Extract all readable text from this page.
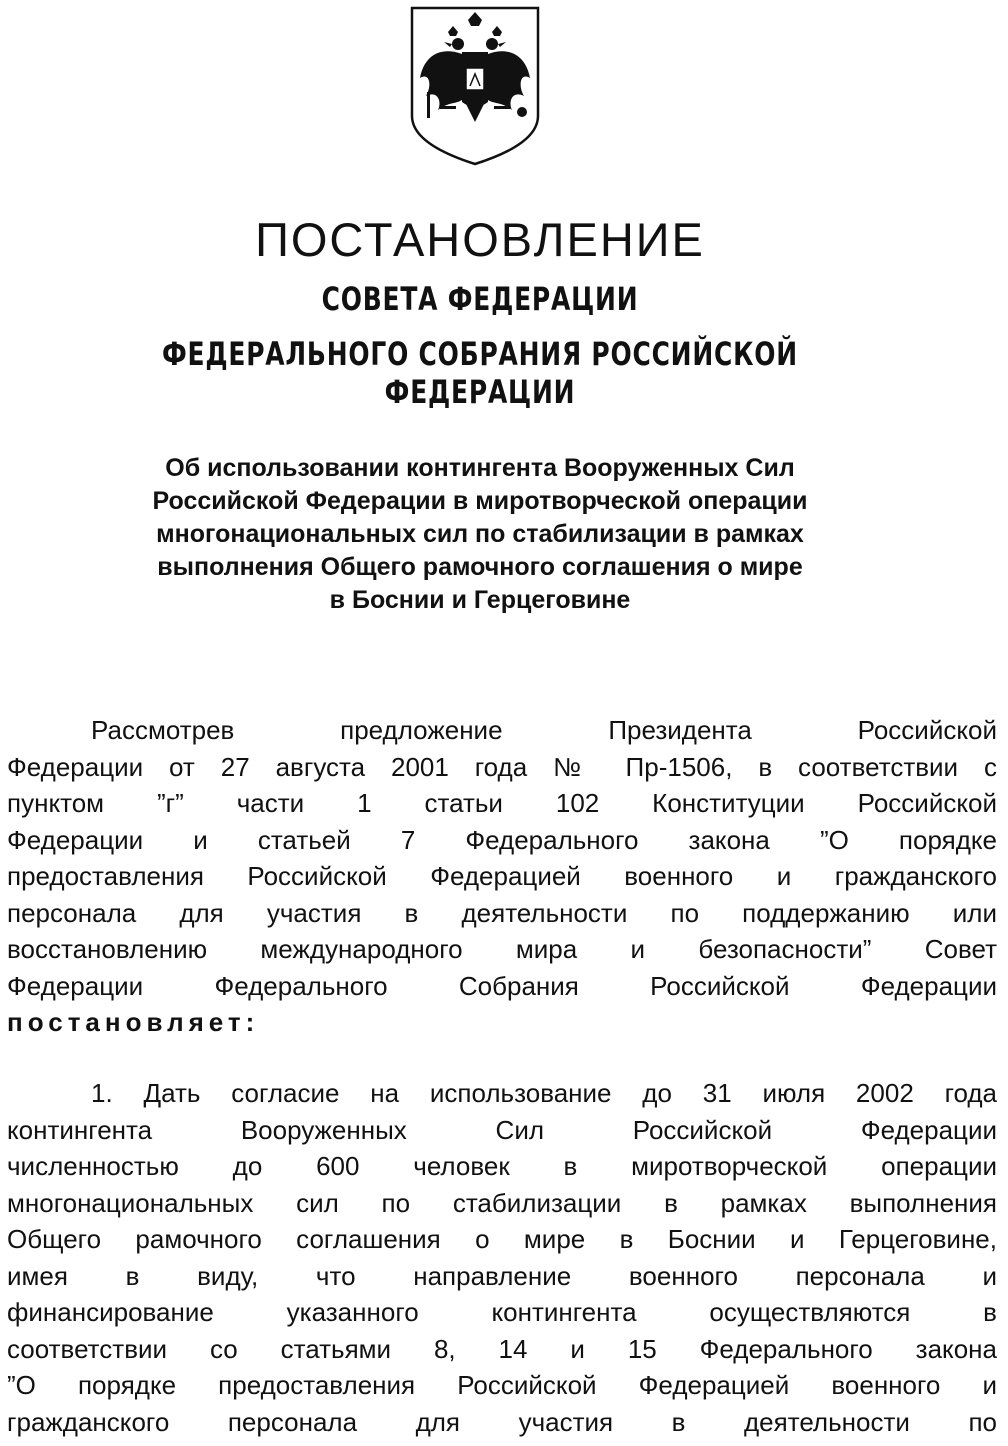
ПОСТАНОВЛЕНИЕ

СОВЕТА ФЕДЕРАЦИИ

ФЕДЕРАЛЬНОГО СОБРАНИЯ РОССИЙСКОЙ ФЕДЕРАЦИИ

Об использовании контингента Вооруженных Сил
Российской Федерации в миротворческой операции
многонациональных сил по стабилизации в рамках
выполнения Общего рамочного соглашения о мире
в Боснии и Герцеговине
Рассмотрев предложение Президента Российской
Федерации от 27 августа 2001 года № Пр-1506, в соответствии с
пунктом ”г” части 1 статьи 102 Конституции Российской
Федерации и статьей 7 Федерального закона ”О порядке
предоставления Российской Федерацией военного и гражданского
персонала для участия в деятельности по поддержанию или
восстановлению международного мира и безопасности” Совет
Федерации Федерального Собрания Российской Федерации
постановляет:
1. Дать согласие на использование до 31 июля 2002 года
контингента Вооруженных Сил Российской Федерации
численностью до 600 человек в миротворческой операции
многонациональных сил по стабилизации в рамках выполнения
Общего рамочного соглашения о мире в Боснии и Герцеговине,
имея в виду, что направление военного персонала и
финансирование указанного контингента осуществляются в
соответствии со статьями 8, 14 и 15 Федерального закона
”О порядке предоставления Российской Федерацией военного и
гражданского персонала для участия в деятельности по
